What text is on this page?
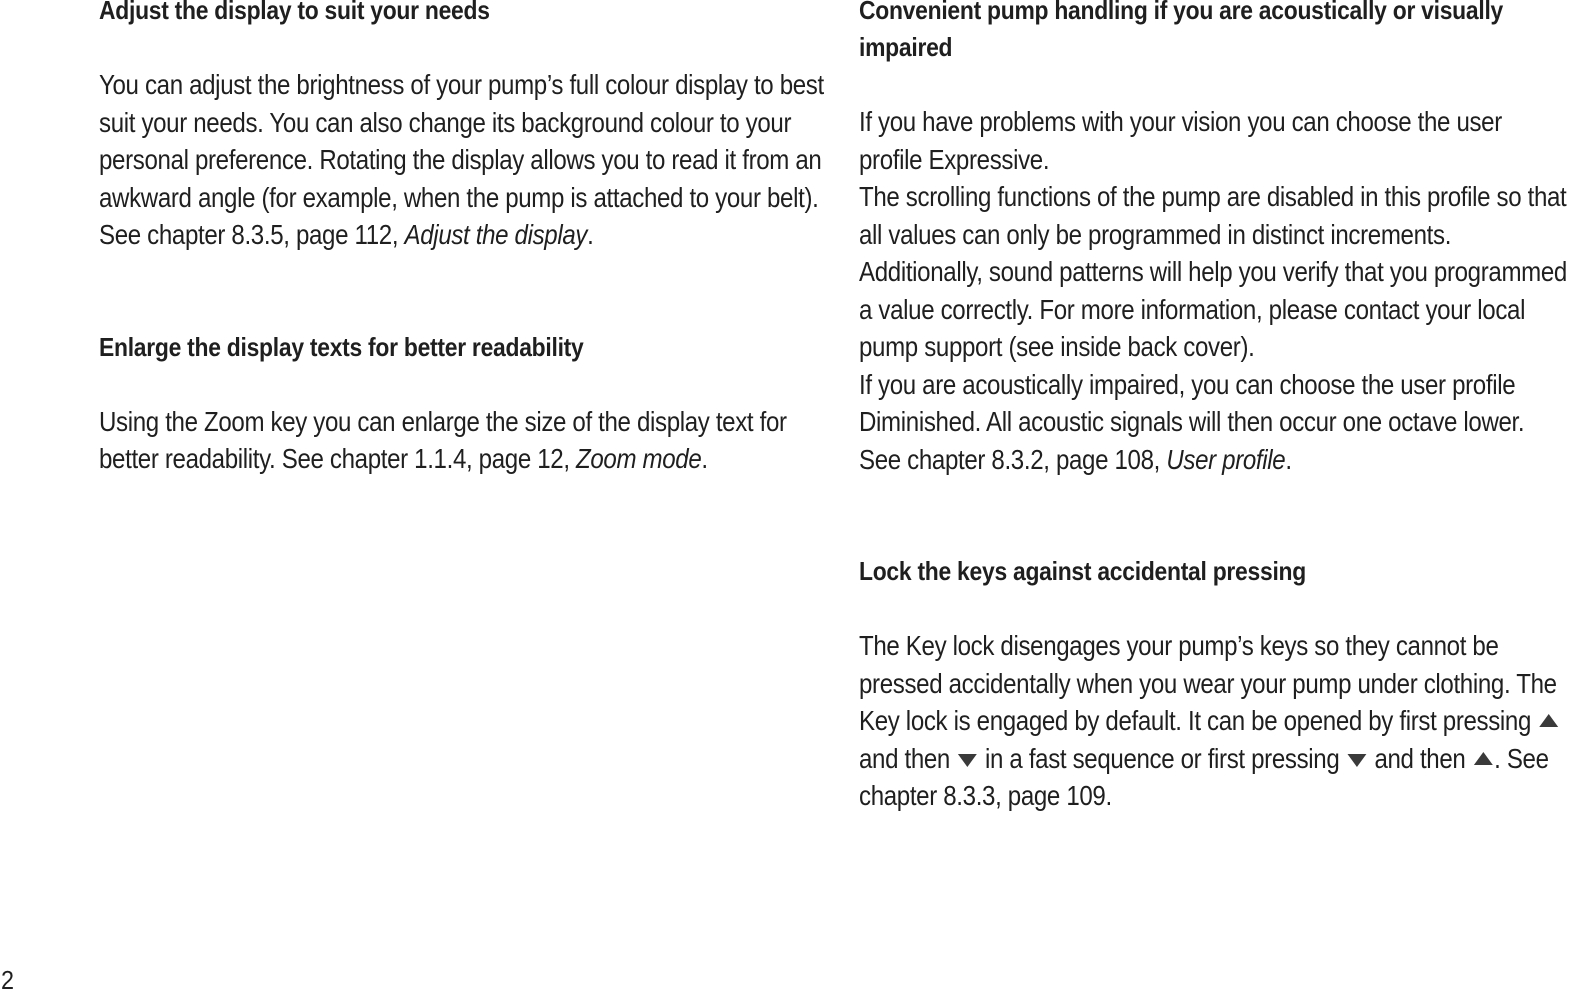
Adjust the display to suit your needs

You can adjust the brightness of your pump’s full colour display to best suit your needs. You can also change its background colour to your personal preference. Rotating the display allows you to read it from an awkward angle (for example, when the pump is attached to your belt). See chapter 8.3.5, page 112, Adjust the display.

Enlarge the display texts for better readability

Using the Zoom key you can enlarge the size of the display text for better readability. See chapter 1.1.4, page 12, Zoom mode.

Convenient pump handling if you are acoustically or visually impaired

If you have problems with your vision you can choose the user profile Expressive.

The scrolling functions of the pump are disabled in this profile so that all values can only be programmed in distinct increments. Additionally, sound patterns will help you verify that you programmed a value correctly. For more information, please contact your local pump support (see inside back cover).

If you are acoustically impaired, you can choose the user profile Diminished. All acoustic signals will then occur one octave lower. See chapter 8.3.2, page 108, User profile.

Lock the keys against accidental pressing

The Key lock disengages your pump’s keys so they cannot be pressed accidentally when you wear your pump under clothing. The Key lock is engaged by default. It can be opened by first pressing  and then  in a fast sequence or first pressing  and then . See chapter 8.3.3, page 109.

2
